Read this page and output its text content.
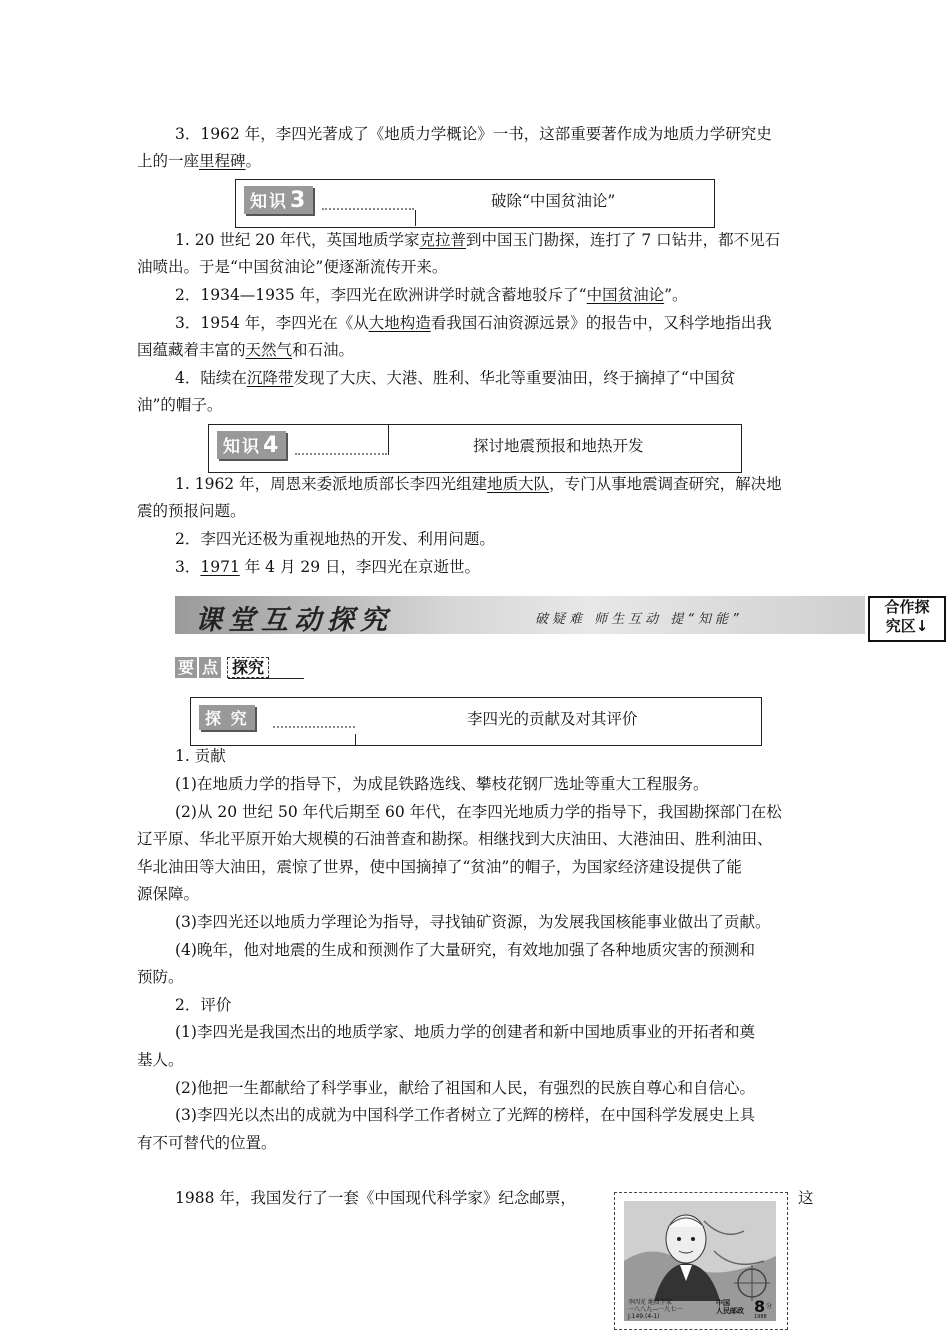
3．1962 年，李四光著成了《地质力学概论》一书，这部重要著作成为地质力学研究史
上的一座里程碑。
知识3	破除“中国贫油论”
1. 20 世纪 20 年代，英国地质学家克拉普到中国玉门勘探，连打了 7 口钻井，都不见石
油喷出。于是“中国贫油论”便逐渐流传开来。
2．1934—1935 年，李四光在欧洲讲学时就含蓄地驳斥了“中国贫油论”。
3．1954 年，李四光在《从大地构造看我国石油资源远景》的报告中，又科学地指出我
国蕴藏着丰富的天然气和石油。
4．陆续在沉降带发现了大庆、大港、胜利、华北等重要油田，终于摘掉了“中国贫
油”的帽子。
知识4	探讨地震预报和地热开发
1. 1962 年，周恩来委派地质部长李四光组建地质大队，专门从事地震调查研究，解决地
震的预报问题。
2．李四光还极为重视地热的开发、利用问题。
3．1971 年 4 月 29 日，李四光在京逝世。
课堂互动探究	破疑难 师生互动 提“知能”
合作探
究区↓
要 点 探究
探 究	李四光的贡献及对其评价
1. 贡献
(1)在地质力学的指导下，为成昆铁路选线、攀枝花钢厂选址等重大工程服务。
(2)从 20 世纪 50 年代后期至 60 年代，在李四光地质力学的指导下，我国勘探部门在松
辽平原、华北平原开始大规模的石油普查和勘探。相继找到大庆油田、大港油田、胜利油田、
华北油田等大油田，震惊了世界，使中国摘掉了“贫油”的帽子，为国家经济建设提供了能
源保障。
(3)李四光还以地质力学理论为指导，寻找铀矿资源，为发展我国核能事业做出了贡献。
(4)晚年，他对地震的生成和预测作了大量研究，有效地加强了各种地质灾害的预测和
预防。
2．评价
(1)李四光是我国杰出的地质学家、地质力学的创建者和新中国地质事业的开拓者和奠
基人。
(2)他把一生都献给了科学事业，献给了祖国和人民，有强烈的民族自尊心和自信心。
(3)李四光以杰出的成就为中国科学工作者树立了光辉的榜样，在中国科学发展史上具
有不可替代的位置。
1988 年，我国发行了一套《中国现代科学家》纪念邮票，	这
李四光 地质学家
一八八九—一九七一
J.149.(4-1)
中国
人民邮政 8 分
1988
